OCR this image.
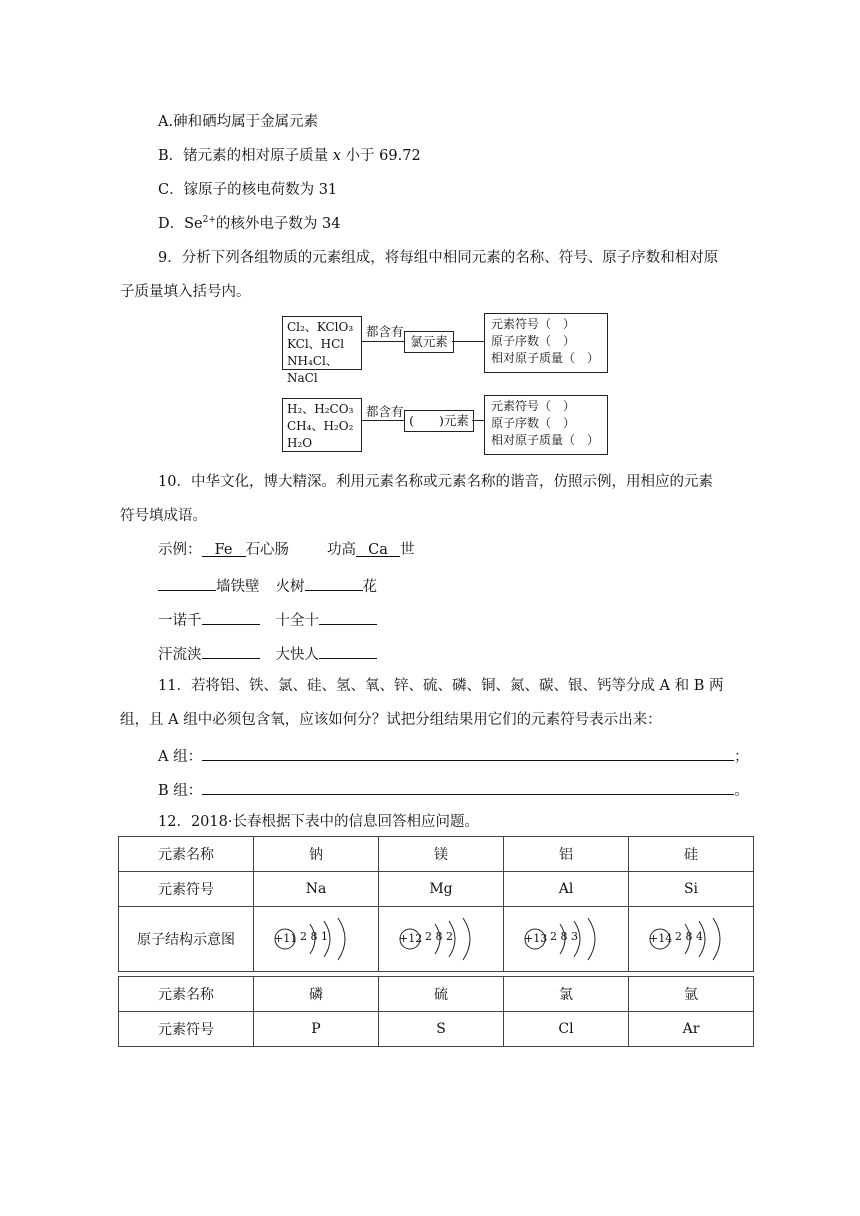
A.砷和硒均属于金属元素
B．锗元素的相对原子质量 x 小于 69.72
C．镓原子的核电荷数为 31
D．$Se^{2+}$的核外电子数为 34
9．分析下列各组物质的元素组成，将每组中相同元素的名称、符号、原子序数和相对原
子质量填入括号内。
Cl₂、KClO₃
KCl、HCl
NH₄Cl、NaCl
都含有
氯元素
元素符号（　）
原子序数（　）
相对原子质量（　）
H₂、H₂CO₃
CH₄、H₂O₂
H₂O
都含有
(　　)元素
元素符号（　）
原子序数（　）
相对原子质量（　）
10．中华文化，博大精深。利用元素名称或元素名称的谐音，仿照示例，用相应的元素
符号填成语。
示例： Fe 石心肠	功高 Ca 世
墙铁壁 火树	花
一诺千	十全十
汗流浃	大快人
11．若将铝、铁、氯、硅、氢、氧、锌、硫、磷、铜、氮、碳、银、钙等分成 A 和 B 两
组，且 A 组中必须包含氧，应该如何分？试把分组结果用它们的元素符号表示出来：
A 组：	；
B 组：	。
12．2018·长春根据下表中的信息回答相应问题。
元素名称	钠	镁	铝	硅
元素符号	Na	Mg	Al	Si
原子结构示意图	+11 2 8 1	+12 2 8 2	+13 2 8 3	+14 2 8 4
元素名称	磷	硫	氯	氩
元素符号	P	S	Cl	Ar
